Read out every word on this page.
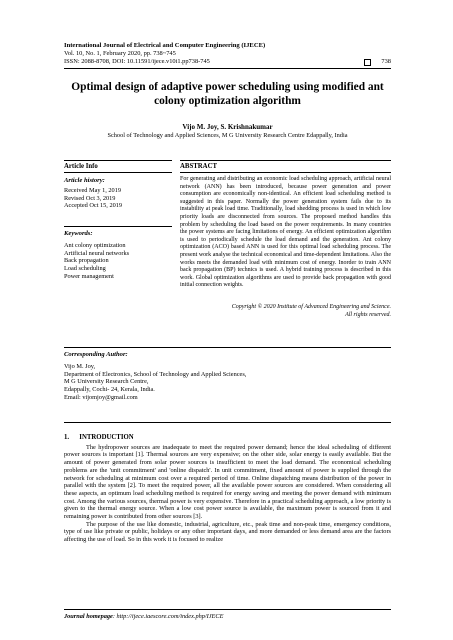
International Journal of Electrical and Computer Engineering (IJECE)
Vol. 10, No. 1, February 2020, pp. 738~745
ISSN: 2088-8708, DOI: 10.11591/ijece.v10i1.pp738-745	738
Optimal design of adaptive power scheduling using modified ant colony optimization algorithm
Vijo M. Joy, S. Krishnakumar
School of Technology and Applied Sciences, M G University Research Centre Edappally, India
Article Info
Article history:
Received May 1, 2019
Revised Oct 3, 2019
Accepted Oct 15, 2019
Keywords:
Ant colony optimization
Artificial neural networks
Back propagation
Load scheduling
Power management
ABSTRACT
For generating and distributing an economic load scheduling approach, artificial neural network (ANN) has been introduced, because power generation and power consumption are economically non-identical. An efficient load scheduling method is suggested in this paper. Normally the power generation system fails due to its instability at peak load time. Traditionally, load shedding process is used in which low priority loads are disconnected from sources. The proposed method handles this problem by scheduling the load based on the power requirements. In many countries the power systems are facing limitations of energy. An efficient optimization algorithm is used to periodically schedule the load demand and the generation. Ant colony optimization (ACO) based ANN is used for this optimal load scheduling process. The present work analyse the technical economical and time-dependent limitations. Also the works meets the demanded load with minimum cost of energy. Inorder to train ANN back propagation (BP) technics is used. A hybrid training process is described in this work. Global optimization algorithms are used to provide back propagation with good initial connection weights.
Copyright © 2020 Institute of Advanced Engineering and Science.
All rights reserved.
Corresponding Author:
Vijo M. Joy,
Department of Electronics, School of Technology and Applied Sciences,
M G University Research Centre,
Edappally, Cochi- 24, Kerala, India.
Email: vijomjoy@gmail.com
1.      INTRODUCTION

The hydropower sources are inadequate to meet the required power demand; hence the ideal scheduling of different power sources is important [1]. Thermal sources are very expensive; on the other side, solar energy is easily available. But the amount of power generated from solar power sources is insufficient to meet the load demand. The economical scheduling problems are the 'unit commitment' and 'online dispatch'. In unit commitment, fixed amount of power is supplied through the network for scheduling at minimum cost over a required period of time. Online dispatching means distribution of the power in parallel with the system [2]. To meet the required power, all the available power sources are considered. When considering all these aspects, an optimum load scheduling method is required for energy saving and meeting the power demand with minimum cost. Among the various sources, thermal power is very expensive. Therefore in a practical scheduling approach, a low priority is given to the thermal energy source. When a low cost power source is available, the maximum power is sourced from it and remaining power is contributed from other sources [3].

The purpose of the use like domestic, industrial, agriculture, etc., peak time and non-peak time, emergency conditions, type of use like private or public, holidays or any other important days, and more demanded or less demand area are the factors affecting the use of load. So in this work it is focused to realize

Journal homepage: http://ijece.iaescore.com/index.php/IJECE
